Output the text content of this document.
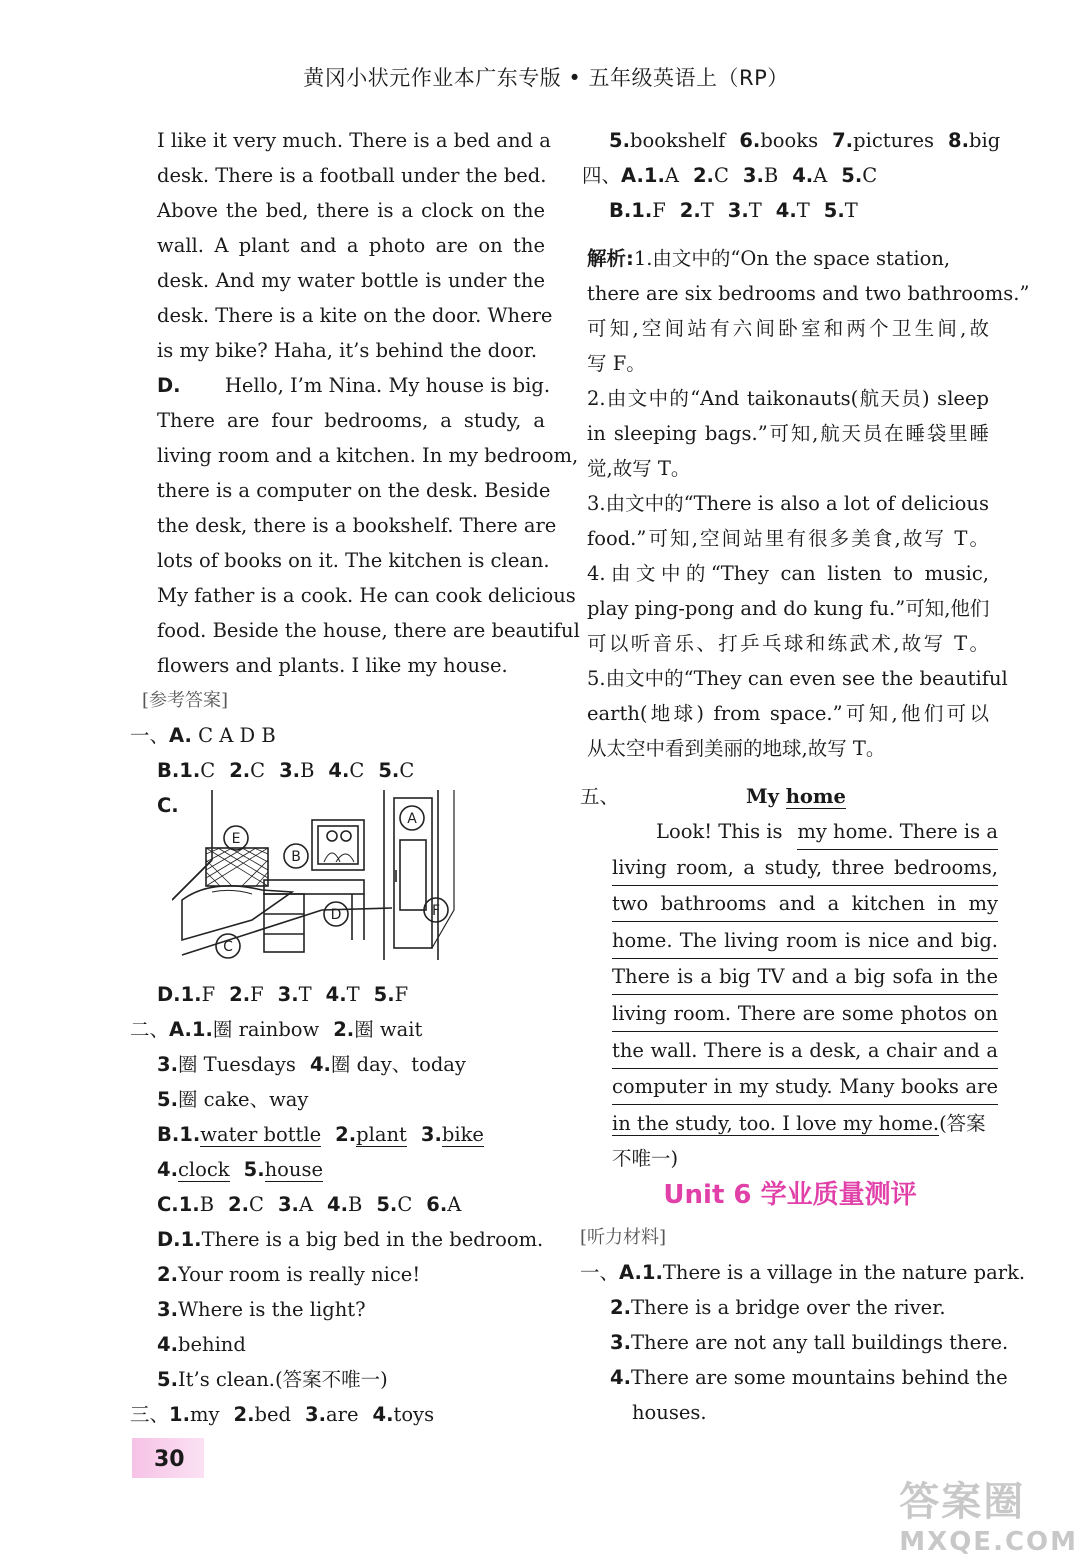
黄冈小状元作业本广东专版 • 五年级英语上（RP）
I like it very much. There is a bed and a
desk. There is a football under the bed.
Above the bed, there is a clock on the
wall. A plant and a photo are on the
desk. And my water bottle is under the
desk. There is a kite on the door. Where
is my bike? Haha, it’s behind the door.
D. Hello, I’m Nina. My house is big.
There are four bedrooms, a study, a
living room and a kitchen. In my bedroom,
there is a computer on the desk. Beside
the desk, there is a bookshelf. There are
lots of books on it. The kitchen is clean.
My father is a cook. He can cook delicious
food. Beside the house, there are beautiful
flowers and plants. I like my house.
[参考答案]
一、A. C A D B
B.1.C 2.C 3.B 4.C 5.C
C.
E
B
C
D
A
F
D.1.F 2.F 3.T 4.T 5.F
二、A.1.圈 rainbow 2.圈 wait
3.圈 Tuesdays 4.圈 day、today
5.圈 cake、way
B.1.water bottle 2.plant 3.bike
4.clock 5.house
C.1.B 2.C 3.A 4.B 5.C 6.A
D.1.There is a big bed in the bedroom.
2.Your room is really nice!
3.Where is the light?
4.behind
5.It’s clean.(答案不唯一)
三、1.my 2.bed 3.are 4.toys
5.bookshelf 6.books 7.pictures 8.big
四、A.1.A 2.C 3.B 4.A 5.C
B.1.F 2.T 3.T 4.T 5.T
解析:1.由文中的“On the space station,
there are six bedrooms and two bathrooms.”
可知,空间站有六间卧室和两个卫生间,故
写 F。
2.由文中的“And taikonauts(航天员) sleep
in sleeping bags.”可知,航天员在睡袋里睡
觉,故写 T。
3.由文中的“There is also a lot of delicious
food.”可知,空间站里有很多美食,故写 T。
4.由文中的“They can listen to music,
play ping-pong and do kung fu.”可知,他们
可以听音乐、打乒乓球和练武术,故写 T。
5.由文中的“They can even see the beautiful
earth(地球) from space.”可知,他们可以
从太空中看到美丽的地球,故写 T。
五、	My home
Look! This is my home. There is a
living room, a study, three bedrooms,
two bathrooms and a kitchen in my
home. The living room is nice and big.
There is a big TV and a big sofa in the
living room. There are some photos on
the wall. There is a desk, a chair and a
computer in my study. Many books are
in the study, too. I love my home.(答案
不唯一)
Unit 6 学业质量测评
[听力材料]
一、A.1.There is a village in the nature park.
2.There is a bridge over the river.
3.There are not any tall buildings there.
4.There are some mountains behind the
houses.
30
答案圈
MXQE.COM
